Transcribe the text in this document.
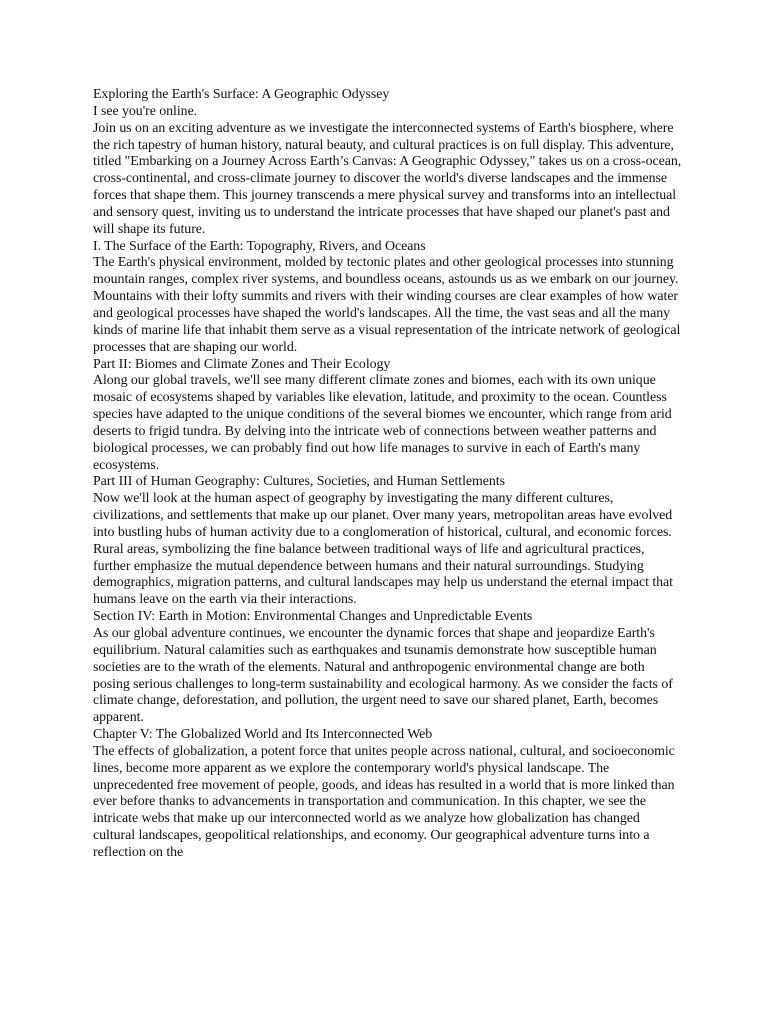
Exploring the Earth's Surface: A Geographic Odyssey

I see you're online.

Join us on an exciting adventure as we investigate the interconnected systems of Earth's biosphere, where the rich tapestry of human history, natural beauty, and cultural practices is on full display. This adventure, titled "Embarking on a Journey Across Earth’s Canvas: A Geographic Odyssey," takes us on a cross-ocean, cross-continental, and cross-climate journey to discover the world's diverse landscapes and the immense forces that shape them. This journey transcends a mere physical survey and transforms into an intellectual and sensory quest, inviting us to understand the intricate processes that have shaped our planet's past and will shape its future.

I. The Surface of the Earth: Topography, Rivers, and Oceans

The Earth's physical environment, molded by tectonic plates and other geological processes into stunning mountain ranges, complex river systems, and boundless oceans, astounds us as we embark on our journey. Mountains with their lofty summits and rivers with their winding courses are clear examples of how water and geological processes have shaped the world's landscapes. All the time, the vast seas and all the many kinds of marine life that inhabit them serve as a visual representation of the intricate network of geological processes that are shaping our world.

Part II: Biomes and Climate Zones and Their Ecology

Along our global travels, we'll see many different climate zones and biomes, each with its own unique mosaic of ecosystems shaped by variables like elevation, latitude, and proximity to the ocean. Countless species have adapted to the unique conditions of the several biomes we encounter, which range from arid deserts to frigid tundra. By delving into the intricate web of connections between weather patterns and biological processes, we can probably find out how life manages to survive in each of Earth's many ecosystems.

Part III of Human Geography: Cultures, Societies, and Human Settlements

Now we'll look at the human aspect of geography by investigating the many different cultures, civilizations, and settlements that make up our planet. Over many years, metropolitan areas have evolved into bustling hubs of human activity due to a conglomeration of historical, cultural, and economic forces. Rural areas, symbolizing the fine balance between traditional ways of life and agricultural practices, further emphasize the mutual dependence between humans and their natural surroundings. Studying demographics, migration patterns, and cultural landscapes may help us understand the eternal impact that humans leave on the earth via their interactions.

Section IV: Earth in Motion: Environmental Changes and Unpredictable Events

As our global adventure continues, we encounter the dynamic forces that shape and jeopardize Earth's equilibrium. Natural calamities such as earthquakes and tsunamis demonstrate how susceptible human societies are to the wrath of the elements. Natural and anthropogenic environmental change are both posing serious challenges to long-term sustainability and ecological harmony. As we consider the facts of climate change, deforestation, and pollution, the urgent need to save our shared planet, Earth, becomes apparent.

Chapter V: The Globalized World and Its Interconnected Web

The effects of globalization, a potent force that unites people across national, cultural, and socioeconomic lines, become more apparent as we explore the contemporary world's physical landscape. The unprecedented free movement of people, goods, and ideas has resulted in a world that is more linked than ever before thanks to advancements in transportation and communication. In this chapter, we see the intricate webs that make up our interconnected world as we analyze how globalization has changed cultural landscapes, geopolitical relationships, and economy. Our geographical adventure turns into a reflection on the
